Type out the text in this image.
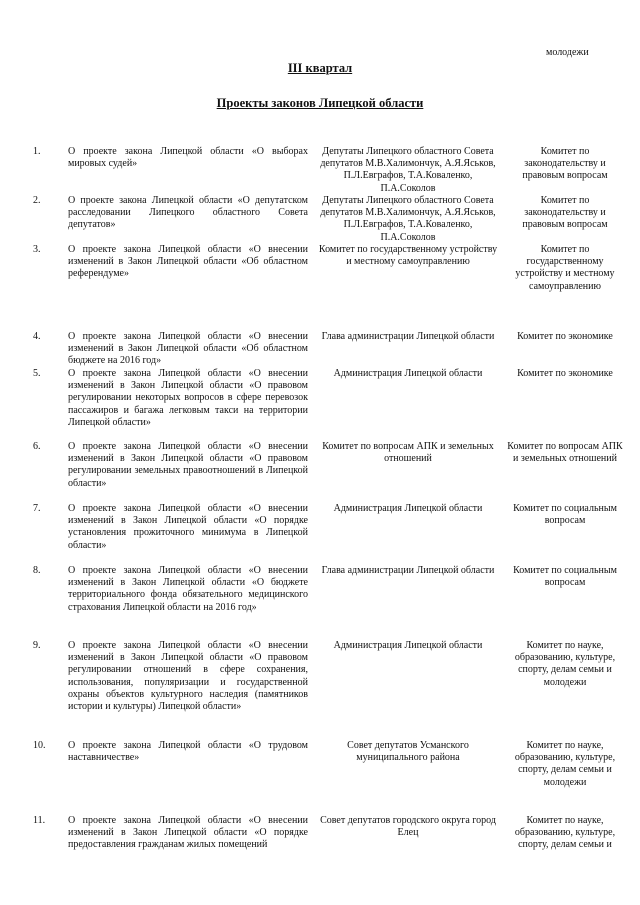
молодежи
III квартал
Проекты законов Липецкой области
1.	О проекте закона Липецкой области «О выборах мировых судей»
Депутаты Липецкого областного Совета депутатов М.В.Халимончук, А.Я.Яськов, П.Л.Евграфов, Т.А.Коваленко, П.А.Соколов
Комитет по законодательству и правовым вопросам
2.	О проекте закона Липецкой области «О депутатском расследовании Липецкого областного Совета депутатов»
Депутаты Липецкого областного Совета депутатов М.В.Халимончук, А.Я.Яськов, П.Л.Евграфов, Т.А.Коваленко, П.А.Соколов
Комитет по законодательству и правовым вопросам
3.	О проекте закона Липецкой области «О внесении изменений в Закон Липецкой области «Об областном референдуме»
Комитет по государственному устройству и местному самоуправлению
Комитет по государственному устройству и местному самоуправлению
4.	О проекте закона Липецкой области «О внесении изменений в Закон Липецкой области «Об областном бюджете на 2016 год»
Глава администрации Липецкой области	Комитет по экономике
5.	О проекте закона Липецкой области «О внесении изменений в Закон Липецкой области «О правовом регулировании некоторых вопросов в сфере перевозок пассажиров и багажа легковым такси на территории Липецкой области»
Администрация Липецкой области	Комитет по экономике
6.	О проекте закона Липецкой области «О внесении изменений в Закон Липецкой области «О правовом регулировании земельных правоотношений в Липецкой области»
Комитет по вопросам АПК и земельных отношений
Комитет по вопросам АПК и земельных отношений
7.	О проекте закона Липецкой области «О внесении изменений в Закон Липецкой области «О порядке установления прожиточного минимума в Липецкой области»
Администрация Липецкой области	Комитет по социальным вопросам
8.	О проекте закона Липецкой области «О внесении изменений в Закон Липецкой области «О бюджете территориального фонда обязательного медицинского страхования Липецкой области на 2016 год»
Глава администрации Липецкой области	Комитет по социальным вопросам
9.	О проекте закона Липецкой области «О внесении изменений в Закон Липецкой области «О правовом регулировании отношений в сфере сохранения, использования, популяризации и государственной охраны объектов культурного наследия (памятников истории и культуры) Липецкой области»
Администрация Липецкой области	Комитет по науке, образованию, культуре, спорту, делам семьи и молодежи
10. О проекте закона Липецкой области «О трудовом наставничестве»
Совет депутатов Усманского муниципального района
Комитет по науке, образованию, культуре, спорту, делам семьи и молодежи
11. О проекте закона Липецкой области «О внесении изменений в Закон Липецкой области «О порядке предоставления гражданам жилых помещений
Совет депутатов городского округа город Елец
Комитет по науке, образованию, культуре, спорту, делам семьи и
